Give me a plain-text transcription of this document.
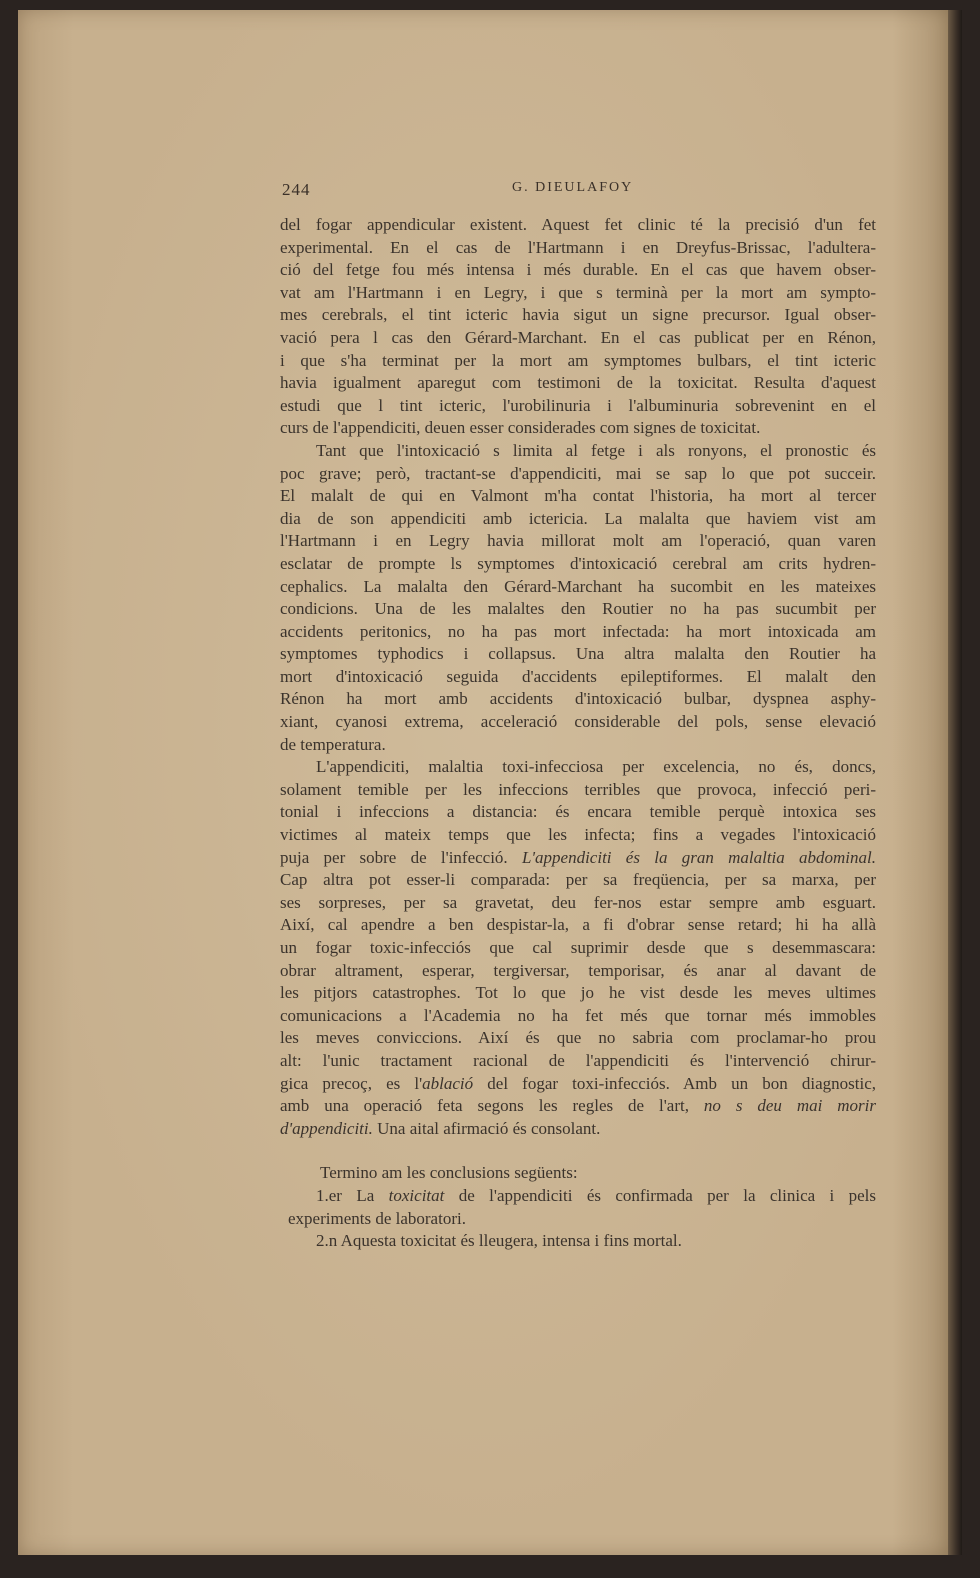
244	G. DIEULAFOY
del fogar appendicular existent. Aquest fet clinic té la precisió d'un fet
experimental. En el cas de l'Hartmann i en Dreyfus-Brissac, l'adultera-
ció del fetge fou més intensa i més durable. En el cas que havem obser-
vat am l'Hartmann i en Legry, i que s terminà per la mort am sympto-
mes cerebrals, el tint icteric havia sigut un signe precursor. Igual obser-
vació pera l cas den Gérard-Marchant. En el cas publicat per en Rénon,
i que s'ha terminat per la mort am symptomes bulbars, el tint icteric
havia igualment aparegut com testimoni de la toxicitat. Resulta d'aquest
estudi que l tint icteric, l'urobilinuria i l'albuminuria sobrevenint en el
curs de l'appendiciti, deuen esser considerades com signes de toxicitat.
Tant que l'intoxicació s limita al fetge i als ronyons, el pronostic és
poc grave; però, tractant-se d'appendiciti, mai se sap lo que pot succeir.
El malalt de qui en Valmont m'ha contat l'historia, ha mort al tercer
dia de son appendiciti amb ictericia. La malalta que haviem vist am
l'Hartmann i en Legry havia millorat molt am l'operació, quan varen
esclatar de prompte ls symptomes d'intoxicació cerebral am crits hydren-
cephalics. La malalta den Gérard-Marchant ha sucombit en les mateixes
condicions. Una de les malaltes den Routier no ha pas sucumbit per
accidents peritonics, no ha pas mort infectada: ha mort intoxicada am
symptomes typhodics i collapsus. Una altra malalta den Routier ha
mort d'intoxicació seguida d'accidents epileptiformes. El malalt den
Rénon ha mort amb accidents d'intoxicació bulbar, dyspnea asphy-
xiant, cyanosi extrema, acceleració considerable del pols, sense elevació
de temperatura.
L'appendiciti, malaltia toxi-infecciosa per excelencia, no és, doncs,
solament temible per les infeccions terribles que provoca, infecció peri-
tonial i infeccions a distancia: és encara temible perquè intoxica ses
victimes al mateix temps que les infecta; fins a vegades l'intoxicació
puja per sobre de l'infecció. L'appendiciti és la gran malaltia abdominal.
Cap altra pot esser-li comparada: per sa freqüencia, per sa marxa, per
ses sorpreses, per sa gravetat, deu fer-nos estar sempre amb esguart.
Així, cal apendre a ben despistar-la, a fi d'obrar sense retard; hi ha allà
un fogar toxic-infecciós que cal suprimir desde que s desemmascara:
obrar altrament, esperar, tergiversar, temporisar, és anar al davant de
les pitjors catastrophes. Tot lo que jo he vist desde les meves ultimes
comunicacions a l'Academia no ha fet més que tornar més immobles
les meves conviccions. Així és que no sabria com proclamar-ho prou
alt: l'unic tractament racional de l'appendiciti és l'intervenció chirur-
gica precoç, es l'ablació del fogar toxi-infecciós. Amb un bon diagnostic,
amb una operació feta segons les regles de l'art, no s deu mai morir
d'appendiciti. Una aital afirmació és consolant.
Termino am les conclusions següents:
1.er La toxicitat de l'appendiciti és confirmada per la clinica i pels
experiments de laboratori.
2.n Aquesta toxicitat és lleugera, intensa i fins mortal.
